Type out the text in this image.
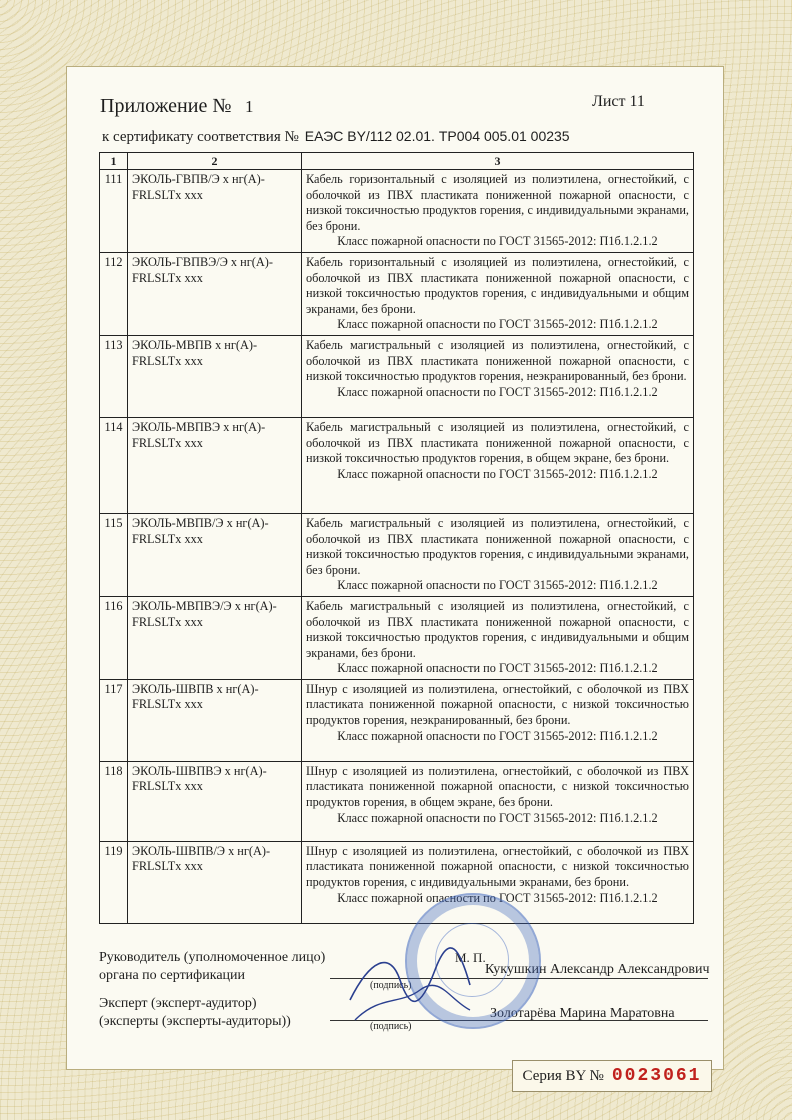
Приложение № 1	Лист 11
к сертификату соответствия № ЕАЭС BY/112 02.01. ТР004 005.01 00235
1	2	3
111	ЭКОЛЬ-ГВПВ/Э х нг(А)-FRLSLTx ххх	Кабель горизонтальный с изоляцией из полиэтилена, огнестойкий, с оболочкой из ПВХ пластиката пониженной пожарной опасности, с низкой токсичностью продуктов горения, с индивидуальными экранами, без брони.
Класс пожарной опасности по ГОСТ 31565-2012: П1б.1.2.1.2

112	ЭКОЛЬ-ГВПВЭ/Э х нг(А)-FRLSLTx ххх	Кабель горизонтальный с изоляцией из полиэтилена, огнестойкий, с оболочкой из ПВХ пластиката пониженной пожарной опасности, с низкой токсичностью продуктов горения, с индивидуальными и общим экранами, без брони.
Класс пожарной опасности по ГОСТ 31565-2012: П1б.1.2.1.2

113	ЭКОЛЬ-МВПВ х нг(А)-FRLSLTx ххх	Кабель магистральный с изоляцией из полиэтилена, огнестойкий, с оболочкой из ПВХ пластиката пониженной пожарной опасности, с низкой токсичностью продуктов горения, неэкранированный, без брони.
Класс пожарной опасности по ГОСТ 31565-2012: П1б.1.2.1.2

114	ЭКОЛЬ-МВПВЭ х нг(А)-FRLSLTx ххх	Кабель магистральный с изоляцией из полиэтилена, огнестойкий, с оболочкой из ПВХ пластиката пониженной пожарной опасности, с низкой токсичностью продуктов горения, в общем экране, без брони.
Класс пожарной опасности по ГОСТ 31565-2012: П1б.1.2.1.2

115	ЭКОЛЬ-МВПВ/Э х нг(А)-FRLSLTx ххх	Кабель магистральный с изоляцией из полиэтилена, огнестойкий, с оболочкой из ПВХ пластиката пониженной пожарной опасности, с низкой токсичностью продуктов горения, с индивидуальными экранами, без брони.
Класс пожарной опасности по ГОСТ 31565-2012: П1б.1.2.1.2

116	ЭКОЛЬ-МВПВЭ/Э х нг(А)-FRLSLTx ххх	Кабель магистральный с изоляцией из полиэтилена, огнестойкий, с оболочкой из ПВХ пластиката пониженной пожарной опасности, с низкой токсичностью продуктов горения, с индивидуальными и общим экранами, без брони.
Класс пожарной опасности по ГОСТ 31565-2012: П1б.1.2.1.2

117	ЭКОЛЬ-ШВПВ х нг(А)-FRLSLTx ххх	Шнур с изоляцией из полиэтилена, огнестойкий, с оболочкой из ПВХ пластиката пониженной пожарной опасности, с низкой токсичностью продуктов горения, неэкранированный, без брони.
Класс пожарной опасности по ГОСТ 31565-2012: П1б.1.2.1.2

118	ЭКОЛЬ-ШВПВЭ х нг(А)-FRLSLTx ххх	Шнур с изоляцией из полиэтилена, огнестойкий, с оболочкой из ПВХ пластиката пониженной пожарной опасности, с низкой токсичностью продуктов горения, в общем экране, без брони.
Класс пожарной опасности по ГОСТ 31565-2012: П1б.1.2.1.2

119	ЭКОЛЬ-ШВПВ/Э х нг(А)-FRLSLTx ххх	Шнур с изоляцией из полиэтилена, огнестойкий, с оболочкой из ПВХ пластиката пониженной пожарной опасности, с низкой токсичностью продуктов горения, с индивидуальными экранами, без брони.
Класс пожарной опасности по ГОСТ 31565-2012: П1б.1.2.1.2
Руководитель (уполномоченное лицо)
органа по сертификации
М. П.
Кукушкин Александр Александрович
(подпись)
Эксперт (эксперт-аудитор)
(эксперты (эксперты-аудиторы))
Золотарёва Марина Маратовна
(подпись)
Серия BY № 0023061
